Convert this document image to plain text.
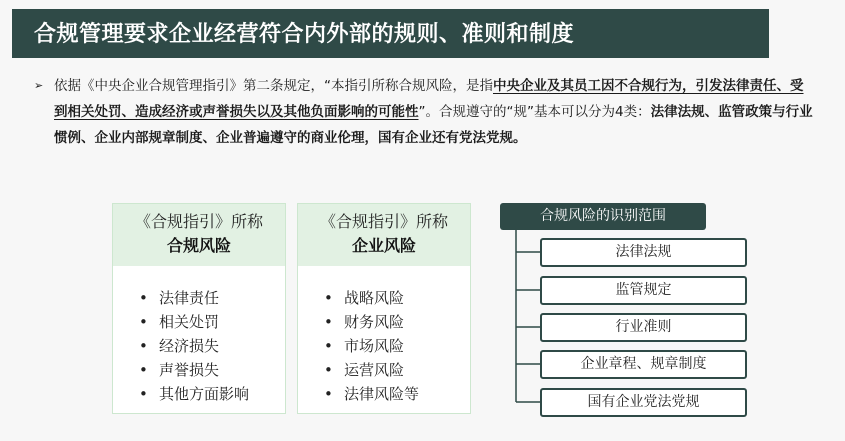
合规管理要求企业经营符合内外部的规则、准则和制度
➢ 依据《中央企业合规管理指引》第二条规定，“本指引所称合规风险，是指中央企业及其员工因不合规行为，引发法律责任、受到相关处罚、造成经济或声誉损失以及其他负面影响的可能性”。合规遵守的“规”基本可以分为4类：法律法规、监管政策与行业惯例、企业内部规章制度、企业普遍遵守的商业伦理，国有企业还有党法党规。
《合规指引》所称
合规风险
• 法律责任
• 相关处罚
• 经济损失
• 声誉损失
• 其他方面影响
《合规指引》所称
企业风险
• 战略风险
• 财务风险
• 市场风险
• 运营风险
• 法律风险等
合规风险的识别范围
法律法规
监管规定
行业准则
企业章程、规章制度
国有企业党法党规
